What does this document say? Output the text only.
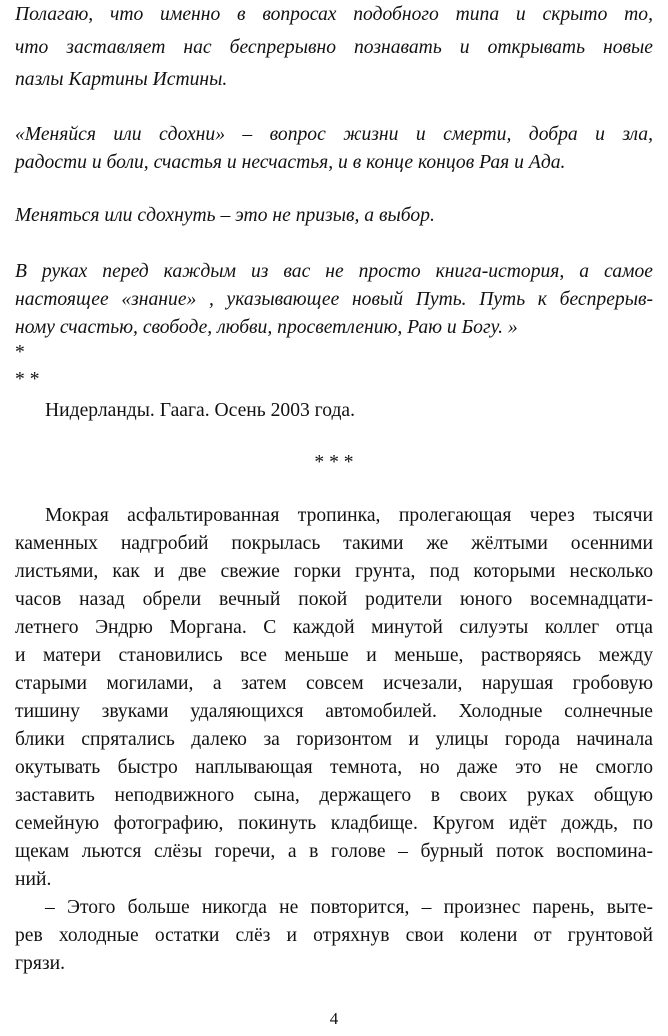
Полагаю, что именно в вопросах подобного типа и скрыто то,
что заставляет нас беспрерывно познавать и открывать новые
пазлы Картины Истины.
«Меняйся или сдохни» – вопрос жизни и смерти, добра и зла,
радости и боли, счастья и несчастья, и в конце концов Рая и Ада.
Меняться или сдохнуть – это не призыв, а выбор.
В руках перед каждым из вас не просто книга-история, а самое
настоящее «знание» , указывающее новый Путь. Путь к беспрерыв-
ному счастью, свободе, любви, просветлению, Раю и Богу. »
*
* *
Нидерланды. Гаага. Осень 2003 года.
* * *
Мокрая асфальтированная тропинка, пролегающая через тысячи
каменных надгробий покрылась такими же жёлтыми осенними
листьями, как и две свежие горки грунта, под которыми несколько
часов назад обрели вечный покой родители юного восемнадцати-
летнего Эндрю Моргана. С каждой минутой силуэты коллег отца
и матери становились все меньше и меньше, растворяясь между
старыми могилами, а затем совсем исчезали, нарушая гробовую
тишину звуками удаляющихся автомобилей. Холодные солнечные
блики спрятались далеко за горизонтом и улицы города начинала
окутывать быстро наплывающая темнота, но даже это не смогло
заставить неподвижного сына, держащего в своих руках общую
семейную фотографию, покинуть кладбище. Кругом идёт дождь, по
щекам льются слёзы горечи, а в голове – бурный поток воспомина-
ний.
– Этого больше никогда не повторится, – произнес парень, выте-
рев холодные остатки слёз и отряхнув свои колени от грунтовой
грязи.
4
